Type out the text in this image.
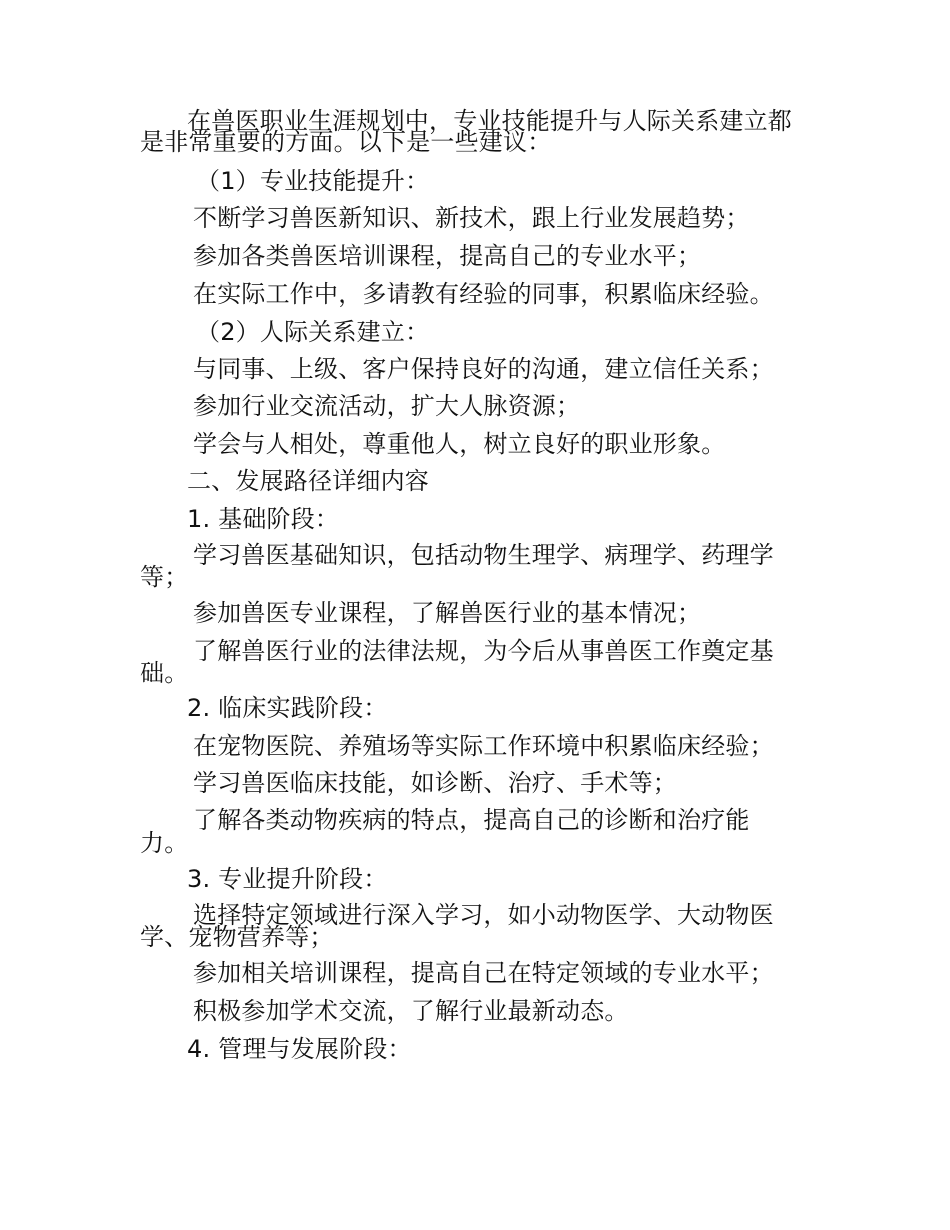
在兽医职业生涯规划中，专业技能提升与人际关系建立都
是非常重要的方面。以下是一些建议：
（1）专业技能提升：
不断学习兽医新知识、新技术，跟上行业发展趋势；
参加各类兽医培训课程，提高自己的专业水平；
在实际工作中，多请教有经验的同事，积累临床经验。
（2）人际关系建立：
与同事、上级、客户保持良好的沟通，建立信任关系；
参加行业交流活动，扩大人脉资源；
学会与人相处，尊重他人，树立良好的职业形象。
二、发展路径详细内容
1. 基础阶段：
学习兽医基础知识，包括动物生理学、病理学、药理学
等；
参加兽医专业课程，了解兽医行业的基本情况；
了解兽医行业的法律法规，为今后从事兽医工作奠定基
础。
2. 临床实践阶段：
在宠物医院、养殖场等实际工作环境中积累临床经验；
学习兽医临床技能，如诊断、治疗、手术等；
了解各类动物疾病的特点，提高自己的诊断和治疗能
力。
3. 专业提升阶段：
选择特定领域进行深入学习，如小动物医学、大动物医
学、宠物营养等；
参加相关培训课程，提高自己在特定领域的专业水平；
积极参加学术交流，了解行业最新动态。
4. 管理与发展阶段：
